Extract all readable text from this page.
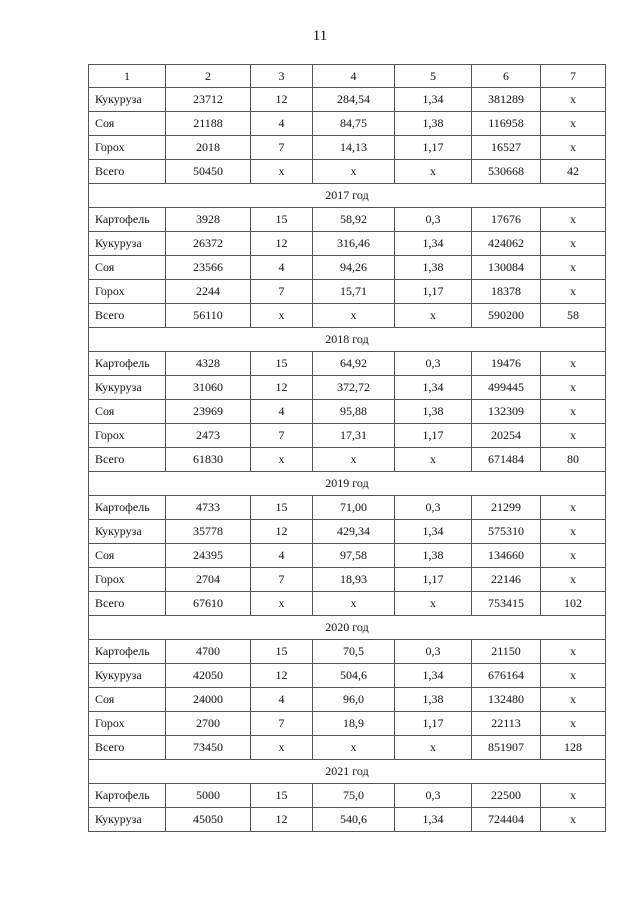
11
1	2	3	4	5	6	7
Кукуруза	23712	12	284,54	1,34	381289	х
Соя	21188	4	84,75	1,38	116958	х
Горох	2018	7	14,13	1,17	16527	х
Всего	50450	х	х	х	530668	42
2017 год						
Картофель	3928	15	58,92	0,3	17676	х
Кукуруза	26372	12	316,46	1,34	424062	х
Соя	23566	4	94,26	1,38	130084	х
Горох	2244	7	15,71	1,17	18378	х
Всего	56110	х	х	х	590200	58
2018 год						
Картофель	4328	15	64,92	0,3	19476	х
Кукуруза	31060	12	372,72	1,34	499445	х
Соя	23969	4	95,88	1,38	132309	х
Горох	2473	7	17,31	1,17	20254	х
Всего	61830	х	х	х	671484	80
2019 год						
Картофель	4733	15	71,00	0,3	21299	х
Кукуруза	35778	12	429,34	1,34	575310	х
Соя	24395	4	97,58	1,38	134660	х
Горох	2704	7	18,93	1,17	22146	х
Всего	67610	х	х	х	753415	102
2020 год						
Картофель	4700	15	70,5	0,3	21150	х
Кукуруза	42050	12	504,6	1,34	676164	х
Соя	24000	4	96,0	1,38	132480	х
Горох	2700	7	18,9	1,17	22113	х
Всего	73450	х	х	х	851907	128
2021 год						
Картофель	5000	15	75,0	0,3	22500	х
Кукуруза	45050	12	540,6	1,34	724404	х
